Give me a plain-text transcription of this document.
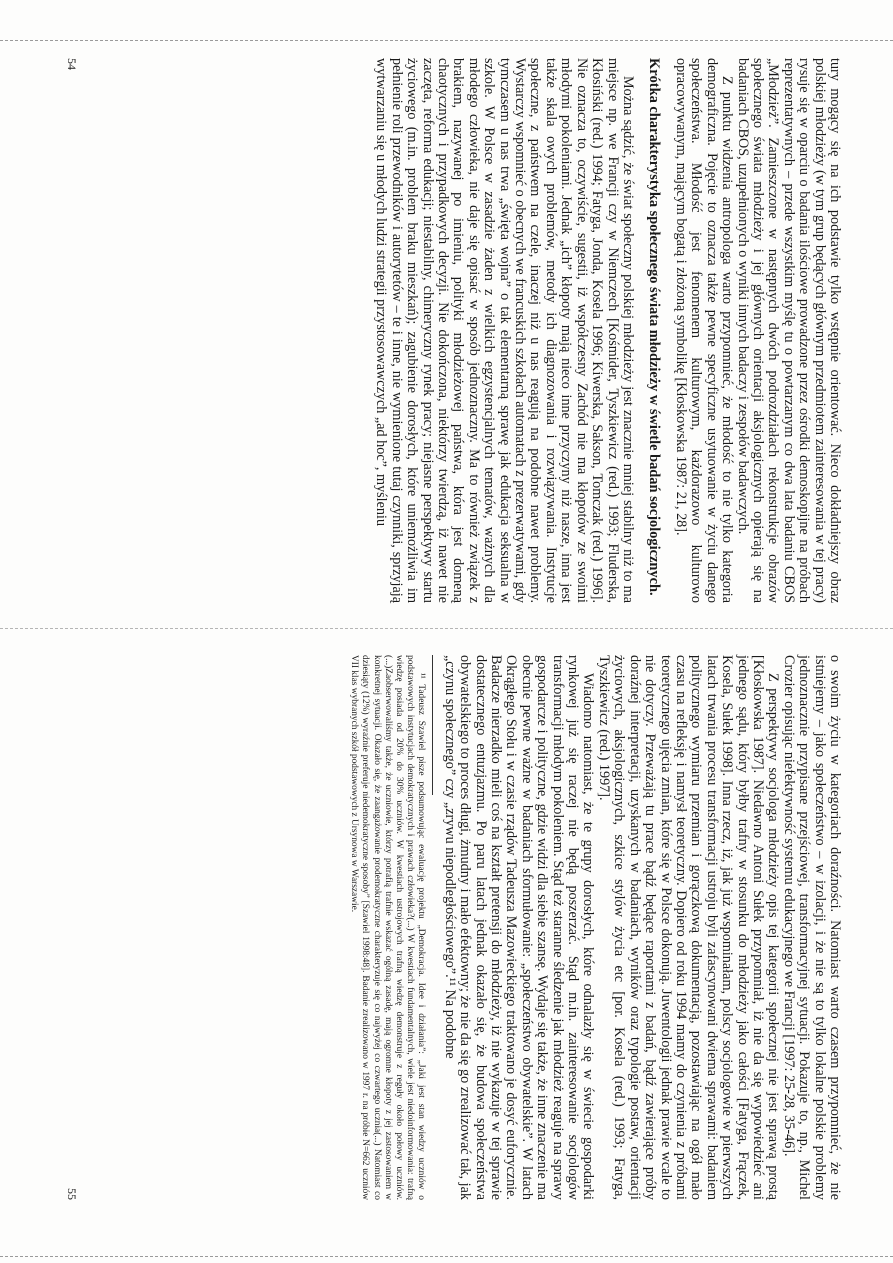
tury mogący się na ich podstawie tylko wstępnie orientować. Nieco dokładniejszy obraz polskiej młodzieży (w tym grup będących głównym przedmiotem zainteresowania w tej pracy) rysuje się w oparciu o badania ilościowe prowadzone przez ośrodki demoskopijne na próbach reprezentatywnych – przede wszystkim myślę tu o powtarzanym co dwa lata badaniu CBOS „Młodzież”. Zamieszczone w następnych dwóch podrozdziałach rekonstrukcje obrazów społecznego świata młodzieży i jej głównych orientacji aksjologicznych opierają się na badaniach CBOS, uzupełnionych o wyniki innych badaczy i zespołów badawczych.

Z punktu widzenia antropologa warto przypomnieć, że młodość to nie tylko kategoria demograficzna. Pojęcie to oznacza także pewne specyficzne usytuowanie w życiu danego społeczeństwa. Młodość jest fenomenem kulturowym, każdorazowo kulturowo opracowywanym, mającym bogatą i złożoną symbolikę [Kłoskowska 1987: 21, 28].

Krótka charakterystyka społecznego świata młodzieży w świetle badań socjologicznych.

Można sądzić, że świat społeczny polskiej młodzieży jest znacznie mniej stabilny niż to ma miejsce np. we Francji czy w Niemczech [Kośmider, Tyszkiewicz (red.) 1993; Fluderska, Kłosiński (red.) 1994; Fatyga, Jonda, Kosela 1996; Kiwerska, Sakson, Tomczak (red.) 1996]. Nie oznacza to, oczywiście, sugestii, iż współczesny Zachód nie ma kłopotów ze swoimi młodymi pokoleniami. Jednak „ich” kłopoty mają nieco inne przyczyny niż nasze, inna jest także skala owych problemów, metody ich diagnozowania i rozwiązywania. Instytucje społeczne, z państwem na czele, inaczej niż u nas reagują na podobne nawet problemy. Wystarczy wspomnieć o obecnych we francuskich szkołach automatach z prezerwatywami, gdy tymczasem u nas trwa „święta wojna” o tak elementarną sprawę jak edukacja seksualna w szkole. W Polsce w zasadzie żaden z wielkich egzystencjalnych tematów, ważnych dla młodego człowieka, nie daje się opisać w sposób jednoznaczny. Ma to również związek z brakiem, nazywanej po imieniu, polityki młodzieżowej państwa, która jest domeną chaotycznych i przypadkowych decyzji. Nie dokończona, niektórzy twierdzą, iż nawet nie zaczęta, reforma edukacji; niestabilny, chimeryczny rynek pracy; niejasne perspektywy startu życiowego (m.in. problem braku mieszkań); zagubienie dorosłych, które uniemożliwia im pełnienie roli przewodników i autorytetów – te i inne, nie wymienione tutaj czynniki, sprzyjają wytwarzaniu się u młodych ludzi strategii przystosowawczych „ad hoc”, myśleniu

54

o swoim życiu w kategoriach doraźności. Natomiast warto czasem przypomnieć, że nie istniejemy – jako społeczeństwo – w izolacji, i że nie są to tylko lokalne polskie problemy jednoznacznie przypisane przejściowej, transformacyjnej sytuacji. Pokazuje to, np., Michel Crozier opisując niefektywność systemu edukacyjnego we Francji [1997: 25-28, 35-46].

Z perspektywy socjologa młodzieży opis tej kategorii społecznej nie jest sprawą prostą [Kłoskowska 1987]. Niedawno Antoni Sułek przypomniał, iż nie da się wypowiedzieć ani jednego sądu, który byłby trafny w stosunku do młodzieży jako całości [Fatyga, Frączek, Kosela, Sułek 1998]. Inna rzecz, iż, jak już wspominałam, polscy socjologowie w pierwszych latach trwania procesu transformacji ustroju byli zafascynowani dwiema sprawami: badaniem politycznego wymiaru przemian i gorączkową dokumentacją, pozostawiając na ogół mało czasu na refleksję i namysł teoretyczny. Dopiero od roku 1994 mamy do czynienia z próbami teoretycznego ujęcia zmian, które się w Polsce dokonują. Juwentologii jednak prawie wcale to nie dotyczy. Przeważają tu prace bądź będące raportami z badań, bądź zawierające próby doraźnej interpretacji, uzyskanych w badaniach, wyników oraz typologie postaw, orientacji życiowych, aksjologicznych, szkice stylów życia etc [por. Kosela (red.) 1993; Fatyga, Tyszkiewicz (red.) 1997].

Wiadomo natomiast, że te grupy dorosłych, które odnalazły się w świecie gospodarki rynkowej już się raczej nie będą poszerzać. Stąd m.in. zainteresowanie socjologów transformacji młodym pokoleniem. Stąd też staranne śledzenie jak młodzież reaguje na sprawy gospodarcze i polityczne, gdzie widzi dla siebie szansę. Wydaje się także, że inne znaczenie ma obecnie pewne ważne w badaniach sformułowanie: „społeczeństwo obywatelskie”. W latach Okrągłego Stołu i w czasie rządów Tadeusza Mazowieckiego traktowano je dosyć euforycznie. Badacze nierzadko mieli coś na kształt pretensji do młodzieży, iż nie wykazuje w tej sprawie dostatecznego entuzjazmu. Po paru latach jednak okazało się, że budowa społeczeństwa obywatelskiego to proces długi, żmudny i mało efektowny; że nie da się go zrealizować tak, jak „czynu społecznego” czy „zrywu niepodległościowego”.¹¹ Na podobne

¹¹ Tadeusz Szawiel pisze podsumowując ewaluację projektu „Demokracja. Idee i działania”: „Jaki jest stan wiedzy uczniów o podstawowych instytucjach demokratycznych i prawach człowieka?(...) W kwestiach fundamentalnych, wiele jest niedoinformowania: trafną wiedzę posiada od 20% do 30% uczniów. W kwestiach ustrojowych trafną wiedzę demonstruje z reguły około połowy uczniów.(...)Zaobserwowaliśmy także, że uczniowie, którzy potrafią trafnie wskazać ogólną zasadę, mają ogromne kłopoty z jej zastosowaniem w konkretnej sytuacji. Okazało się, że zaangażowanie prodemokratyczne charakteryzuje się co najwyżej co czwartego ucznia(...) Natomiast co dziesiąty (12%) wyraźnie preferuje niedemokratyczne sposoby” [Szawiel 1998:48]. Badanie zrealizowano w 1997 r. na próbie N=662 uczniów VII klas wybranych szkół podstawowych z Ursynowa w Warszawie.

55
